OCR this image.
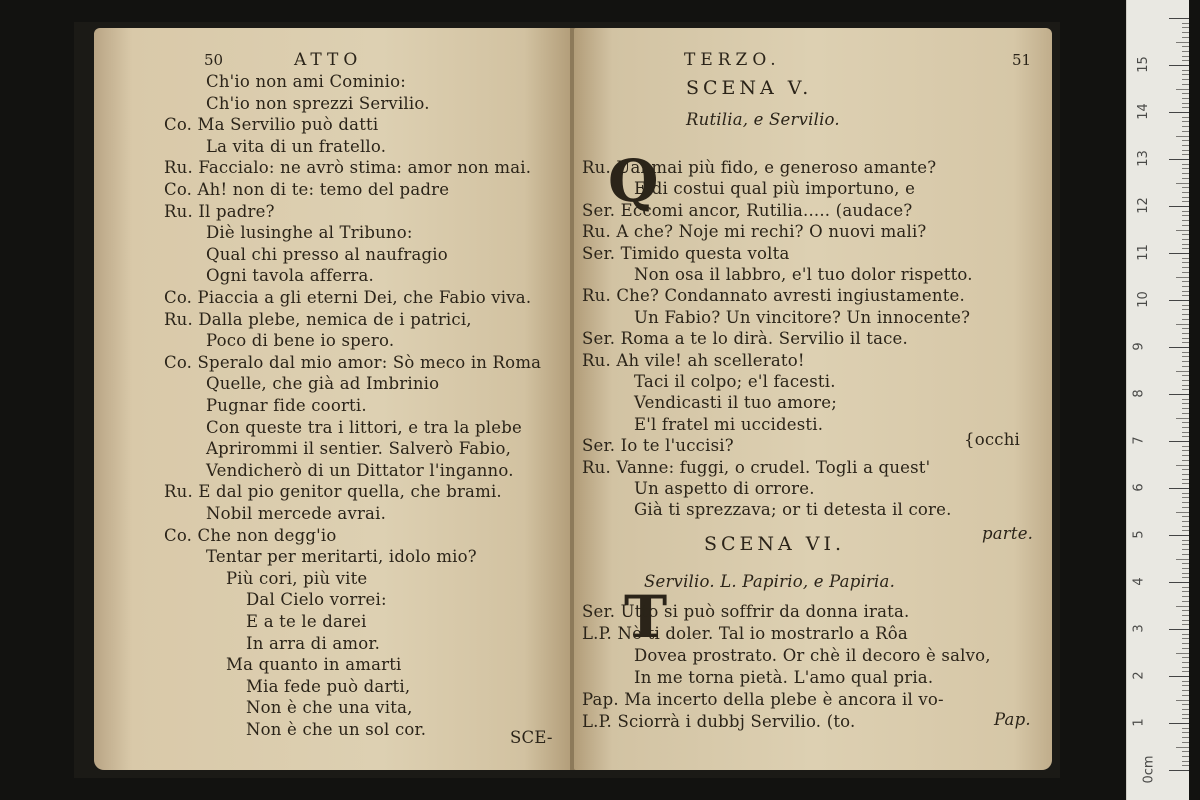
50	ATTO
Ch'io non ami Cominio:
Ch'io non sprezzi Servilio.
Co. Ma Servilio può datti
La vita di un fratello.
Ru. Faccialo: ne avrò stima: amor non mai.
Co. Ah! non di te: temo del padre
Ru. Il padre?
Diè lusinghe al Tribuno:
Qual chi presso al naufragio
Ogni tavola afferra.
Co. Piaccia a gli eterni Dei, che Fabio viva.
Ru. Dalla plebe, nemica de i patrici,
Poco di bene io spero.
Co. Speralo dal mio amor: Sò meco in Roma
Quelle, che già ad Imbrinio
Pugnar fide coorti.
Con queste tra i littori, e tra la plebe
Aprirommi il sentier. Salverò Fabio,
Vendicherò di un Dittator l'inganno.
Ru. E dal pio genitor quella, che brami.
Nobil mercede avrai.
Co. Che non degg'io
Tentar per meritarti, idolo mio?
Più cori, più vite
Dal Cielo vorrei:
E a te le darei
In arra di amor.
Ma quanto in amarti
Mia fede può darti,
Non è che una vita,
Non è che un sol cor.	SCE-
TERZO.	51
SCENA V.
Rutilia, e Servilio.
Q
Ru. Ual mai più fido, e generoso amante?
E di costui qual più importuno, e
Ser. Eccomi ancor, Rutilia..... (audace?
Ru. A che? Noje mi rechi? O nuovi mali?
Ser. Timido questa volta
Non osa il labbro, e'l tuo dolor rispetto.
Ru. Che? Condannato avresti ingiustamente.
Un Fabio? Un vincitore? Un innocente?
Ser. Roma a te lo dirà. Servilio il tace.
Ru. Ah vile! ah scellerato!
Taci il colpo; e'l facesti.
Vendicasti il tuo amore;
E'l fratel mi uccidesti.
Ser. Io te l'uccisi?
Ru. Vanne: fuggi, o crudel. Togli a quest'
Un aspetto di orrore.
Già ti sprezzava; or ti detesta il core.
{occhi
parte.
SCENA VI.
Servilio. L. Papirio, e Papiria.
T
Ser. Utto si può soffrir da donna irata.
L.P. Nò ti doler. Tal io mostrarlo a Rôa
Dovea prostrato. Or chè il decoro è salvo,
In me torna pietà. L'amo qual pria.
Pap. Ma incerto della plebe è ancora il vo-
L.P. Sciorrà i dubbj Servilio. (to.	Pap.
0cm
1
2
3
4
5
6
7
8
9
10
11
12
13
14
15
